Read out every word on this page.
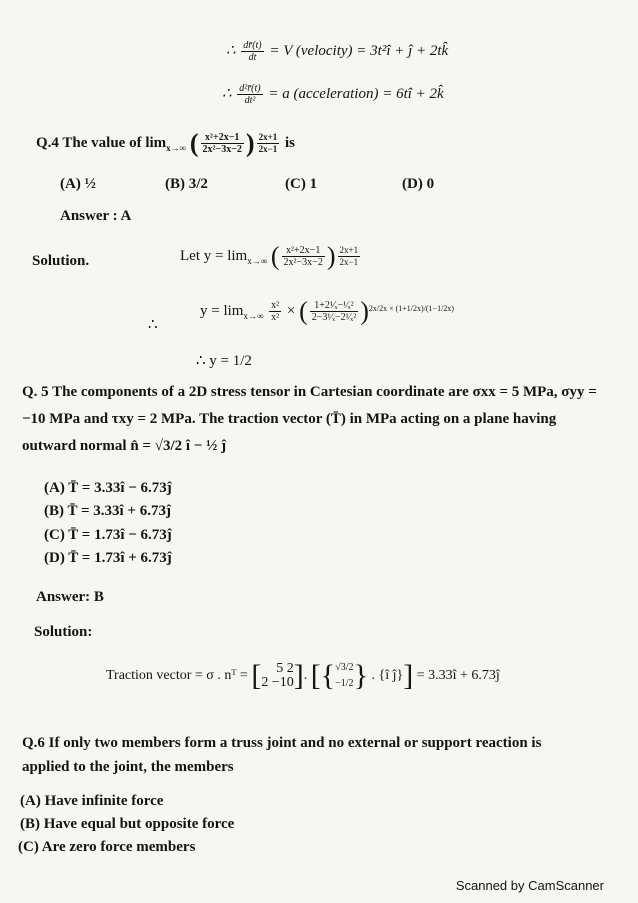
∴ $\frac{dr̄(t)}{dt} = V$ (velocity) = 3t²î + ĵ + 2tk̂
∴ $\frac{\text{d²r̄(t)}}{\text{dt²}} = a$ (acceleration) = 6tî + 2k̂
Q.4 The value of $\lim_{x\to\infty}$ ( $\frac{\text{x²+2x−1}}{\text{2x²−3x−2}}$ ) $\frac{2x+1}{2x-1}$ is
(A) ½	(B) 3/2	(C) 1	(D) 0
Answer : A
Solution.	Let $y = \lim_{x\to\infty}$ ( $\frac{\text{x²+2x−1}}{\text{2x²−3x−2}}$ ) $\frac{2x+1}{2x-1}$
∴
$y = \lim_{x\to\infty} \frac{\text{x²}}{\text{x²}}$ × ( $\frac{\text{1+2¹⁄ₓ−¹⁄ₓ²}}{\text{2−3¹⁄ₓ−2¹⁄ₓ²}} )^{2x/2x \times (1+1/2x)/(1-1/2x)}$
∴ y = 1/2
Q. 5 The components of a 2D stress tensor in Cartesian coordinate are σxx = 5 MPa, σyy =
−10 MPa and τxy = 2 MPa. The traction vector (T̄) in MPa acting on a plane having
outward normal n̂ = √3/2 î − ½ ĵ
(A) T̄ = 3.33î − 6.73ĵ
(B) T̄ = 3.33î + 6.73ĵ
(C) T̄ = 1.73î − 6.73ĵ
(D) T̄ = 1.73î + 6.73ĵ
Answer: B
Solution:
Traction vector = σ . nᵀ = [	5 2
2 −10 ]. [{ √3/2
−1/2 } . {î ĵ}] = 3.33î + 6.73ĵ
Q.6 If only two members form a truss joint and no external or support reaction is
applied to the joint, the members
(A) Have infinite force
(B) Have equal but opposite force
(C) Are zero force members
Scanned by CamScanner
